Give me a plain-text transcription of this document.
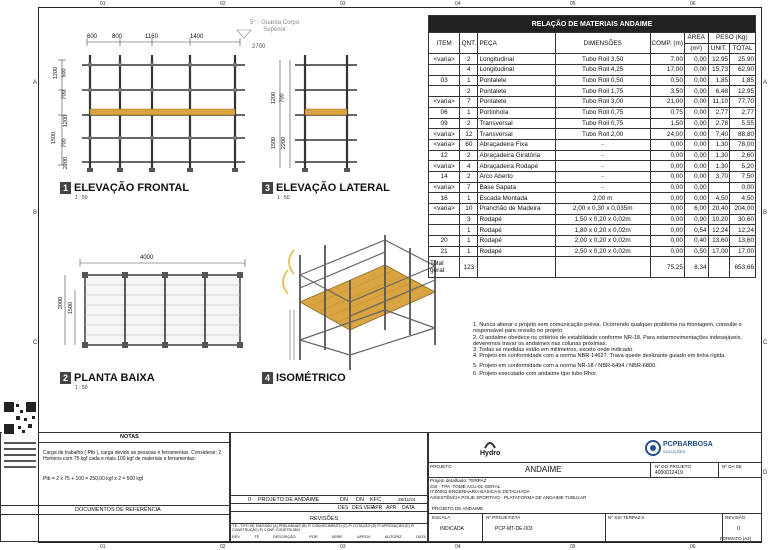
01	02	03	04	05	06
01	02	03	04	05	06
A
B
C
A
B
C
D
600 800	1160	1400
1200 500
700
1200
1500 700
2200
5° - Guarda Corpo
Superior
2700
1 ELEVAÇÃO FRONTAL
1 : 50
1200
1500
700
2200
3 ELEVAÇÃO LATERAL
1 : 50
4000
1500
2000
2 PLANTA BAIXA
1 : 50
4 ISOMÉTRICO
RELAÇÃO DE MATERIAIS ANDAIME							
ITEM	QNT.	PEÇA	DIMENSÕES	COMP. (m)	ÁREA	PESO (Kg)	
					(m²)	UNIT.	TOTAL
<varia>	2	Longitudinal	Tubo Roll 3,50	7,00	0,00	12,95	25,90
	4	Longitudinal	Tubo Roll 4,25	17,00	0,00	15,73	62,90
03	1	Pontalete	Tubo Roll 0,50	0,50	0,00	1,85	1,85
	2	Pontalete	Tubo Roll 1,75	3,50	0,00	6,48	12,95
<varia>	7	Pontalete	Tubo Roll 3,00	21,00	0,00	11,10	77,70
06	1	Portinhola	Tubo Roll 0,75	0,75	0,00	2,77	2,77
09	2	Transversal	Tubo Roll 0,75	1,50	0,00	2,78	5,55
<varia>	12	Transversal	Tubo Roll 2,00	24,00	0,00	7,40	88,80
<varia>	60	Abraçadeira Fixa	-	0,00	0,00	1,30	78,00
12	2	Abraçadeira Giratória	-	0,00	0,00	1,30	2,60
<varia>	4	Abraçadeira Rodapé	-	0,00	0,00	1,30	5,20
14	2	Arco Aberto	-	0,00	0,00	3,70	7,50
<varia>	7	Base Sapata	-	0,00	0,00		0,00
16	1	Escada Montada	2,00 m	0,00	0,00	4,50	4,50
<varia>	10	Pranchão de Madeira	2,00 x 0,30 x 0,035m	0,00	6,00	20,40	204,00
	3	Rodapé	1,50 x 0,20 x 0,02m	0,00	0,90	10,20	30,60
	1	Rodapé	1,80 x 0,20 x 0,02m	0,00	0,54	12,24	12,24
20	1	Rodapé	2,00 x 0,20 x 0,02m	0,00	0,40	13,60	13,60
21	1	Rodapé	2,50 x 0,20 x 0,02m	0,00	0,50	17,00	17,00
Total
geral	123			75,25	8,34		653,66
1. Nunca alterar o projeto sem comunicação prévia. Ocorrendo qualquer problema na montagem, consulte o responsável para revisão no projeto
2. O andaime obedece os critérios de estabilidade conforme NR-18. Para estarmovimentações indesejáveis, deveremos travar os andaimes nas colunas próximas.
3. Todas as medidas estão em milímetros, exceto onde indicado.
4. Projeto em conformidade com a norma NBR-14627. Trava quede deslizante guiado em linha rígida.
5. Projeto em conformidade com a norma NR-18 / NBR-6494 / NBR-6800.
6. Projeto executado com andaime tipo tubo Rhor.
NOTAS
Carga de trabalho ( Ptb ), carga devido as pessoas e ferramentas. Considerar: 2 Homens com 75 kgf cada e mais 100 kgf de materiais e ferramentas:
Ptb = 2 x 75 + 100 = 250,00 kgf x 2 = 500 kgf
DOCUMENTOS DE REFERÊNCIA
0 PROJETO DE ANDAIME	DN DN KFC	28/11/24
DES DES.VER
APR APR DATA
REVISÕES
T.E - TIPO DE EMISSÃO (A) PRELIMINAR (B) P/ CONHECIMENTO (C) P/ COTAÇÃO (D) P/ APROVAÇÃO (E) P/ CONSTRUÇÃO (F) CONF. CONSTRUÍDO
REV.	TE	DESCRIÇÃO	POR	VERIF.	APROV.	AUTORIZ.	DATA
Hydro
PCPBARBOSA
SOLUÇÕES
PROJETO	ANDAIME	Nº DO PROJETO
4000012419
Nº DA SE
Projeto detalhado: TERPAZ
SSI - TPA -TOMÉ ACU-01-GERAL
IYZ0001-ENGENHARIA BÁSICA E DETALHADA
ASSISTÊNCIA POLIE SPORTIVO - PLATAFORMA DE ANDAIME TUBULAR
PROJETO DE ANDAIME
ESCALA
INDICADA
Nº PROJETISTA
PCP-MT-DE-003
Nº SSI TERPAZ II	REVISÃO
0
FORMATO (A3)
